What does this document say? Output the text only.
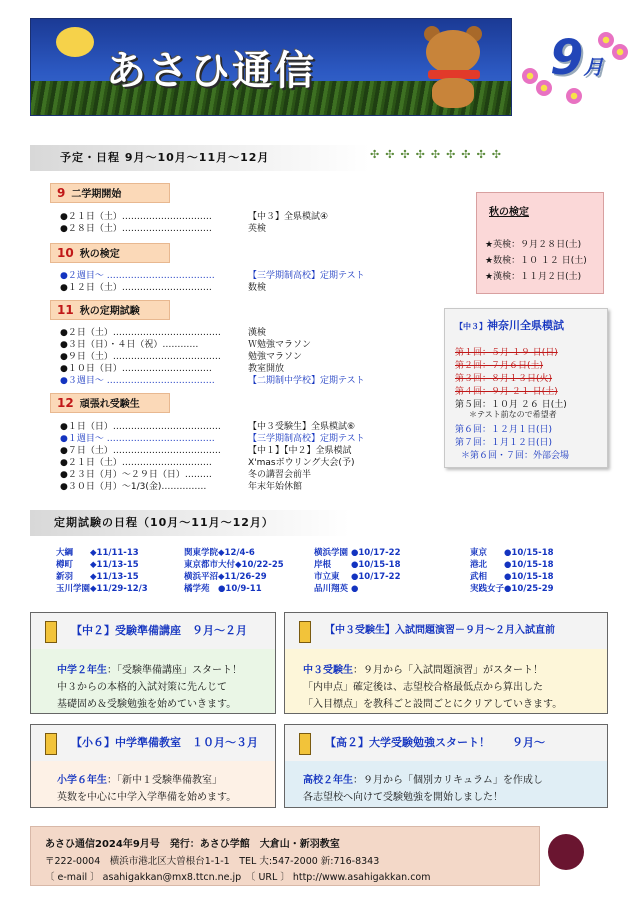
あさひ通信	9月
予定・日程 9月〜10月〜11月〜12月	✣✣✣✣✣✣✣✣✣
9 二学期開始
●２１日（土）…………………………	【中３】全県模試④
●２８日（土）…………………………	英検
10 秋の検定
●２週目〜 ………………………………	【三学期制高校】定期テスト
●１２日（土）…………………………	数検
11 秋の定期試験
●２日（土）………………………………	漢検
●３日（日）・４日（祝）…………	Ｗ勉強マラソン
●９日（土）………………………………	勉強マラソン
●１０日（日）…………………………	教室開放
●３週目〜 ………………………………	【二期制中学校】定期テスト
12 頑張れ受験生
●１日（日）………………………………	【中３受験生】全県模試⑥
●１週目〜 ………………………………	【三学期制高校】定期テスト
●７日（土）………………………………	【中１】【中２】全県模試
●２１日（土）…………………………	X'masボウリング大会(予)
●２３日（月）〜２９日（日）………	冬の講習会前半
●３０日（月）〜1/3(金)……………	年末年始休館
秋の検定
★英検：９月２８日(土)
★数検：１０ １２ 日(土)
★漢検：１１月２日(土)
【中３】神奈川全県模試
第１回：５月 １９ 日(日)
第２回：７月６日(土)
第３回：８月１３日(火)
第４回：９月 ２１ 日(土)
第５回：１０月 ２６ 日(土)
＊テスト前なので希望者
第６回：１２月１日(日)
第７回：１月１２日(日)
＊第６回・７回：外部会場
定期試験の日程（10月〜11月〜12月）
大綱　　◆11/11-13
樽町　　◆11/13-15
新羽　　◆11/13-15
玉川学園◆11/29-12/3
関東学院◆12/4-6
東京都市大付◆10/22-25
横浜平沼◆11/26-29
橘学苑　●10/9-11
横浜学園 ●10/17-22
岸根　　 ●10/15-18
市立東　 ●10/17-22
品川翔英 ●
東京　　●10/15-18
港北　　●10/15-18
武相　　●10/15-18
実践女子●10/25-29
【中２】受験準備講座　９月〜２月
中学２年生：「受験準備講座」スタート！
中３からの本格的入試対策に先んじて
基礎固め＆受験勉強を始めていきます。
【中３受験生】入試問題演習－９月〜２月入試直前
中３受験生：９月から「入試問題演習」がスタート！
「内申点」確定後は、志望校合格最低点から算出した
「入目標点」を教科ごと設問ごとにクリアしていきます。
【小６】中学準備教室　１０月〜３月
小学６年生：「新中１受験準備教室」
英数を中心に中学入学準備を始めます。
【高２】大学受験勉強スタート！　　９月〜
高校２年生：９月から「個別カリキュラム」を作成し
各志望校へ向けて受験勉強を開始しました！
あさひ通信2024年9月号　発行：あさひ学館　大倉山・新羽教室
〒222-0004　横浜市港北区大曽根台1-1-1　TEL 大:547-2000 新:716-8343
〔 e-mail 〕 asahigakkan@mx8.ttcn.ne.jp　〔 URL 〕 http://www.asahigakkan.com
